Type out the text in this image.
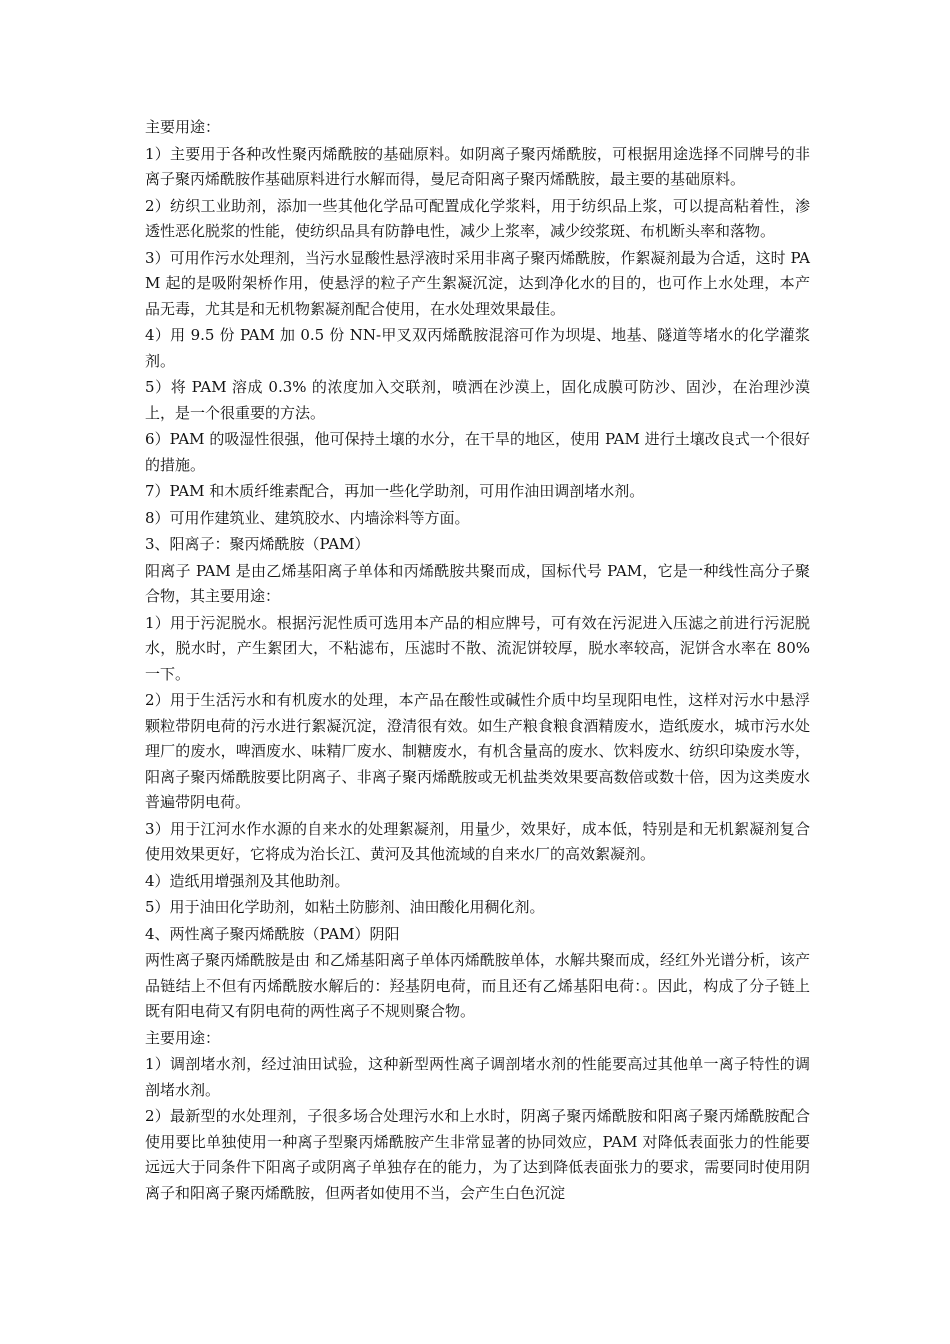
主要用途：

1）主要用于各种改性聚丙烯酰胺的基础原料。如阴离子聚丙烯酰胺，可根据用途选择不同牌号的非离子聚丙烯酰胺作基础原料进行水解而得，曼尼奇阳离子聚丙烯酰胺，最主要的基础原料。

2）纺织工业助剂，添加一些其他化学品可配置成化学浆料，用于纺织品上浆，可以提高粘着性，渗透性恶化脱浆的性能，使纺织品具有防静电性，减少上浆率，减少绞浆斑、布机断头率和落物。

3）可用作污水处理剂，当污水显酸性悬浮液时采用非离子聚丙烯酰胺，作絮凝剂最为合适，这时 PAM 起的是吸附架桥作用，使悬浮的粒子产生絮凝沉淀，达到净化水的目的，也可作上水处理，本产品无毒，尤其是和无机物絮凝剂配合使用，在水处理效果最佳。

4）用 9.5 份 PAM 加 0.5 份 NN-甲叉双丙烯酰胺混溶可作为坝堤、地基、隧道等堵水的化学灌浆剂。

5）将 PAM 溶成 0.3% 的浓度加入交联剂，喷洒在沙漠上，固化成膜可防沙、固沙，在治理沙漠上，是一个很重要的方法。

6）PAM 的吸湿性很强，他可保持土壤的水分，在干旱的地区，使用 PAM 进行土壤改良式一个很好的措施。

7）PAM 和木质纤维素配合，再加一些化学助剂，可用作油田调剖堵水剂。

8）可用作建筑业、建筑胶水、内墙涂料等方面。

3、阳离子：聚丙烯酰胺（PAM）

阳离子 PAM 是由乙烯基阳离子单体和丙烯酰胺共聚而成，国标代号 PAM，它是一种线性高分子聚合物，其主要用途：

1）用于污泥脱水。根据污泥性质可选用本产品的相应牌号，可有效在污泥进入压滤之前进行污泥脱水，脱水时，产生絮团大，不粘滤布，压滤时不散、流泥饼较厚，脱水率较高，泥饼含水率在 80%一下。

2）用于生活污水和有机废水的处理，本产品在酸性或碱性介质中均呈现阳电性，这样对污水中悬浮颗粒带阴电荷的污水进行絮凝沉淀，澄清很有效。如生产粮食粮食酒精废水，造纸废水，城市污水处理厂的废水，啤酒废水、味精厂废水、制糖废水，有机含量高的废水、饮料废水、纺织印染废水等，阳离子聚丙烯酰胺要比阴离子、非离子聚丙烯酰胺或无机盐类效果要高数倍或数十倍，因为这类废水普遍带阴电荷。

3）用于江河水作水源的自来水的处理絮凝剂，用量少，效果好，成本低，特别是和无机絮凝剂复合使用效果更好，它将成为治长江、黄河及其他流域的自来水厂的高效絮凝剂。

4）造纸用增强剂及其他助剂。

5）用于油田化学助剂，如粘土防膨剂、油田酸化用稠化剂。

4、两性离子聚丙烯酰胺（PAM）阴阳

两性离子聚丙烯酰胺是由 和乙烯基阳离子单体丙烯酰胺单体，水解共聚而成，经红外光谱分析，该产品链结上不但有丙烯酰胺水解后的：羟基阴电荷，而且还有乙烯基阳电荷：。因此，构成了分子链上既有阳电荷又有阴电荷的两性离子不规则聚合物。

主要用途：

1）调剖堵水剂，经过油田试验，这种新型两性离子调剖堵水剂的性能要高过其他单一离子特性的调剖堵水剂。

2）最新型的水处理剂，子很多场合处理污水和上水时，阴离子聚丙烯酰胺和阳离子聚丙烯酰胺配合使用要比单独使用一种离子型聚丙烯酰胺产生非常显著的协同效应，PAM 对降低表面张力的性能要远远大于同条件下阳离子或阴离子单独存在的能力，为了达到降低表面张力的要求，需要同时使用阴离子和阳离子聚丙烯酰胺，但两者如使用不当，会产生白色沉淀
